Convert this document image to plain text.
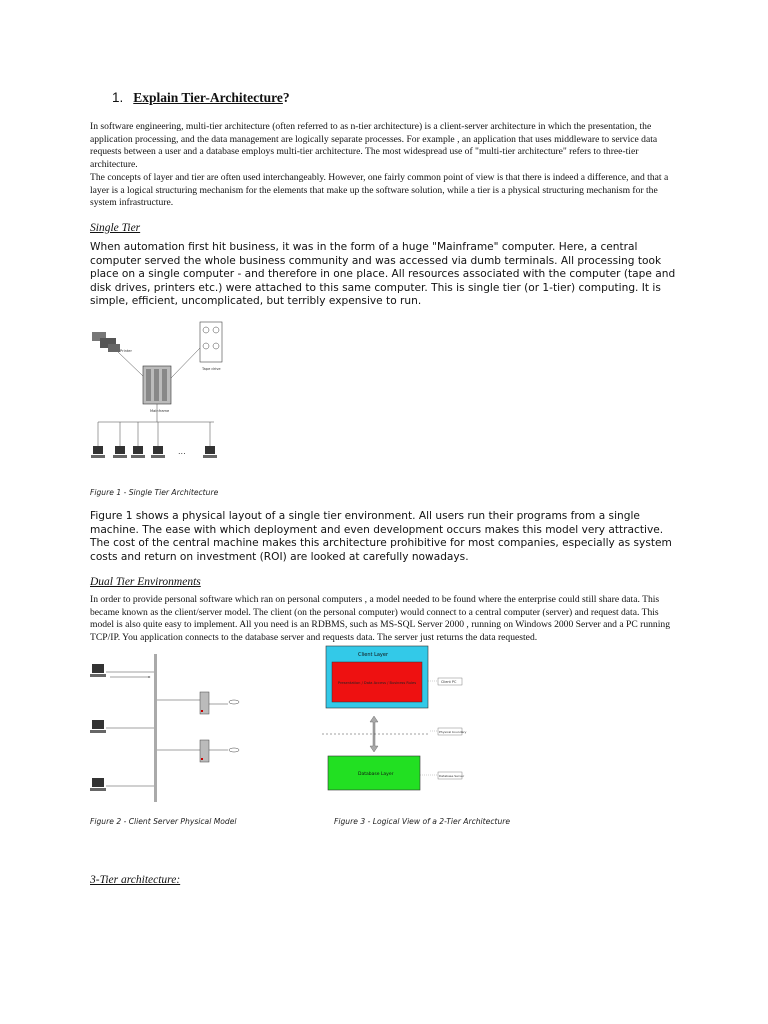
1. Explain Tier-Architecture?

In software engineering, multi-tier architecture (often referred to as n-tier architecture) is a client-server architecture in which the presentation, the application processing, and the data management are logically separate processes. For example , an application that uses middleware to service data requests between a user and a database employs multi-tier architecture. The most widespread use of "multi-tier architecture" refers to three-tier architecture.

The concepts of layer and tier are often used interchangeably. However, one fairly common point of view is that there is indeed a difference, and that a layer is a logical structuring mechanism for the elements that make up the software solution, while a tier is a physical structuring mechanism for the system infrastructure.

Single Tier

When automation first hit business, it was in the form of a huge "Mainframe" computer. Here, a central computer served the whole business community and was accessed via dumb terminals. All processing took place on a single computer - and therefore in one place. All resources associated with the computer (tape and disk drives, printers etc.) were attached to this same computer. This is single tier (or 1-tier) computing. It is simple, efficient, uncomplicated, but terribly expensive to run.

Printer
Tape drive
Mainframe
...
Figure 1 - Single Tier Architecture

Figure 1 shows a physical layout of a single tier environment. All users run their programs from a single machine. The ease with which deployment and even development occurs makes this model very attractive. The cost of the central machine makes this architecture prohibitive for most companies, especially as system costs and return on investment (ROI) are looked at carefully nowadays.

Dual Tier Environments

In order to provide personal software which ran on personal computers , a model needed to be found where the enterprise could still share data. This became known as the client/server model. The client (on the personal computer) would connect to a central computer (server) and request data. This model is also quite easy to implement. All you need is an RDBMS, such as MS-SQL Server 2000 , running on Windows 2000 Server and a PC running TCP/IP. You application connects to the database server and requests data. The server just returns the data requested.

Figure 2 - Client Server Physical Model
Client Layer
Presentation / Data Access / Business Rules
Database Layer
Client PC
Physical boundary
Database Server
Figure 3 - Logical View of a 2-Tier Architecture
3-Tier architecture:
